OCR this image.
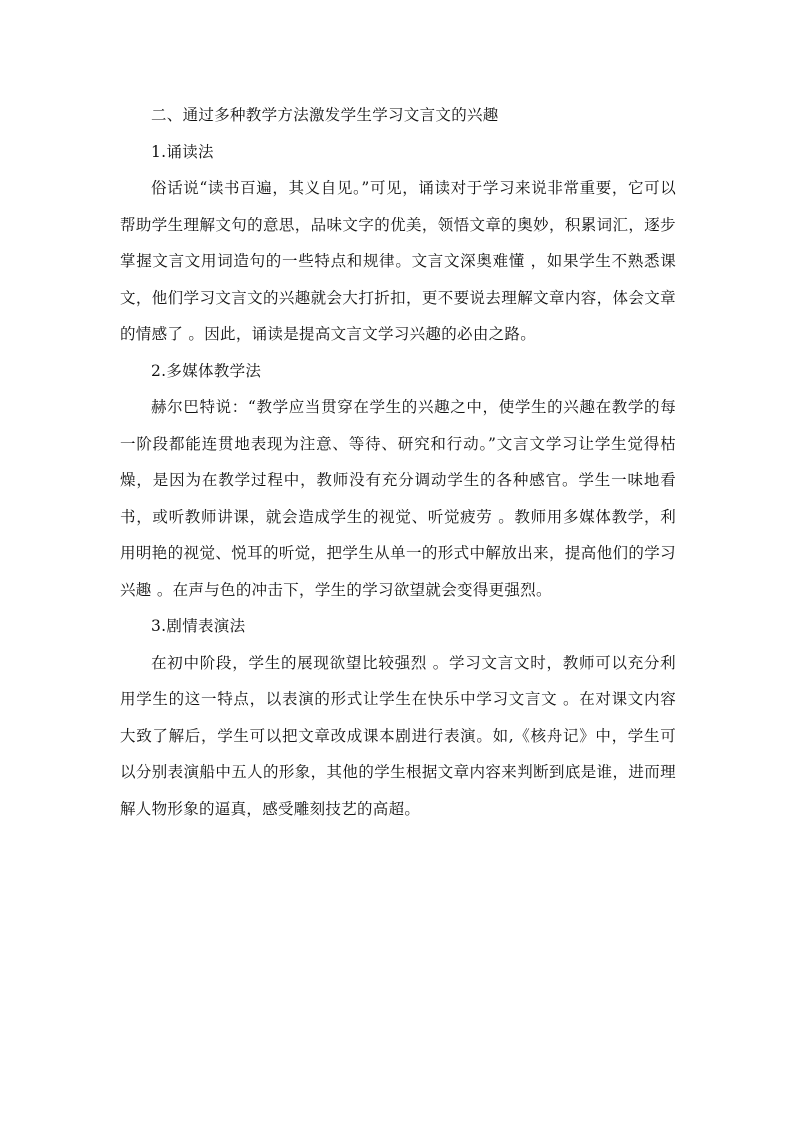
二、通过多种教学方法激发学生学习文言文的兴趣

1.诵读法

俗话说“读书百遍，其义自见。”可见，诵读对于学习来说非常重要，它可以帮助学生理解文句的意思，品味文字的优美，领悟文章的奥妙，积累词汇，逐步掌握文言文用词造句的一些特点和规律。文言文深奥难懂 ，如果学生不熟悉课文，他们学习文言文的兴趣就会大打折扣，更不要说去理解文章内容，体会文章的情感了 。因此，诵读是提高文言文学习兴趣的必由之路。

2.多媒体教学法

赫尔巴特说：“教学应当贯穿在学生的兴趣之中，使学生的兴趣在教学的每一阶段都能连贯地表现为注意、等待、研究和行动。”文言文学习让学生觉得枯燥，是因为在教学过程中，教师没有充分调动学生的各种感官。学生一味地看书，或听教师讲课，就会造成学生的视觉、听觉疲劳 。教师用多媒体教学，利用明艳的视觉、悦耳的听觉，把学生从单一的形式中解放出来，提高他们的学习兴趣 。在声与色的冲击下，学生的学习欲望就会变得更强烈。

3.剧情表演法

在初中阶段，学生的展现欲望比较强烈 。学习文言文时，教师可以充分利用学生的这一特点，以表演的形式让学生在快乐中学习文言文 。在对课文内容大致了解后，学生可以把文章改成课本剧进行表演。如,《核舟记》中，学生可以分别表演船中五人的形象，其他的学生根据文章内容来判断到底是谁，进而理解人物形象的逼真，感受雕刻技艺的高超。
